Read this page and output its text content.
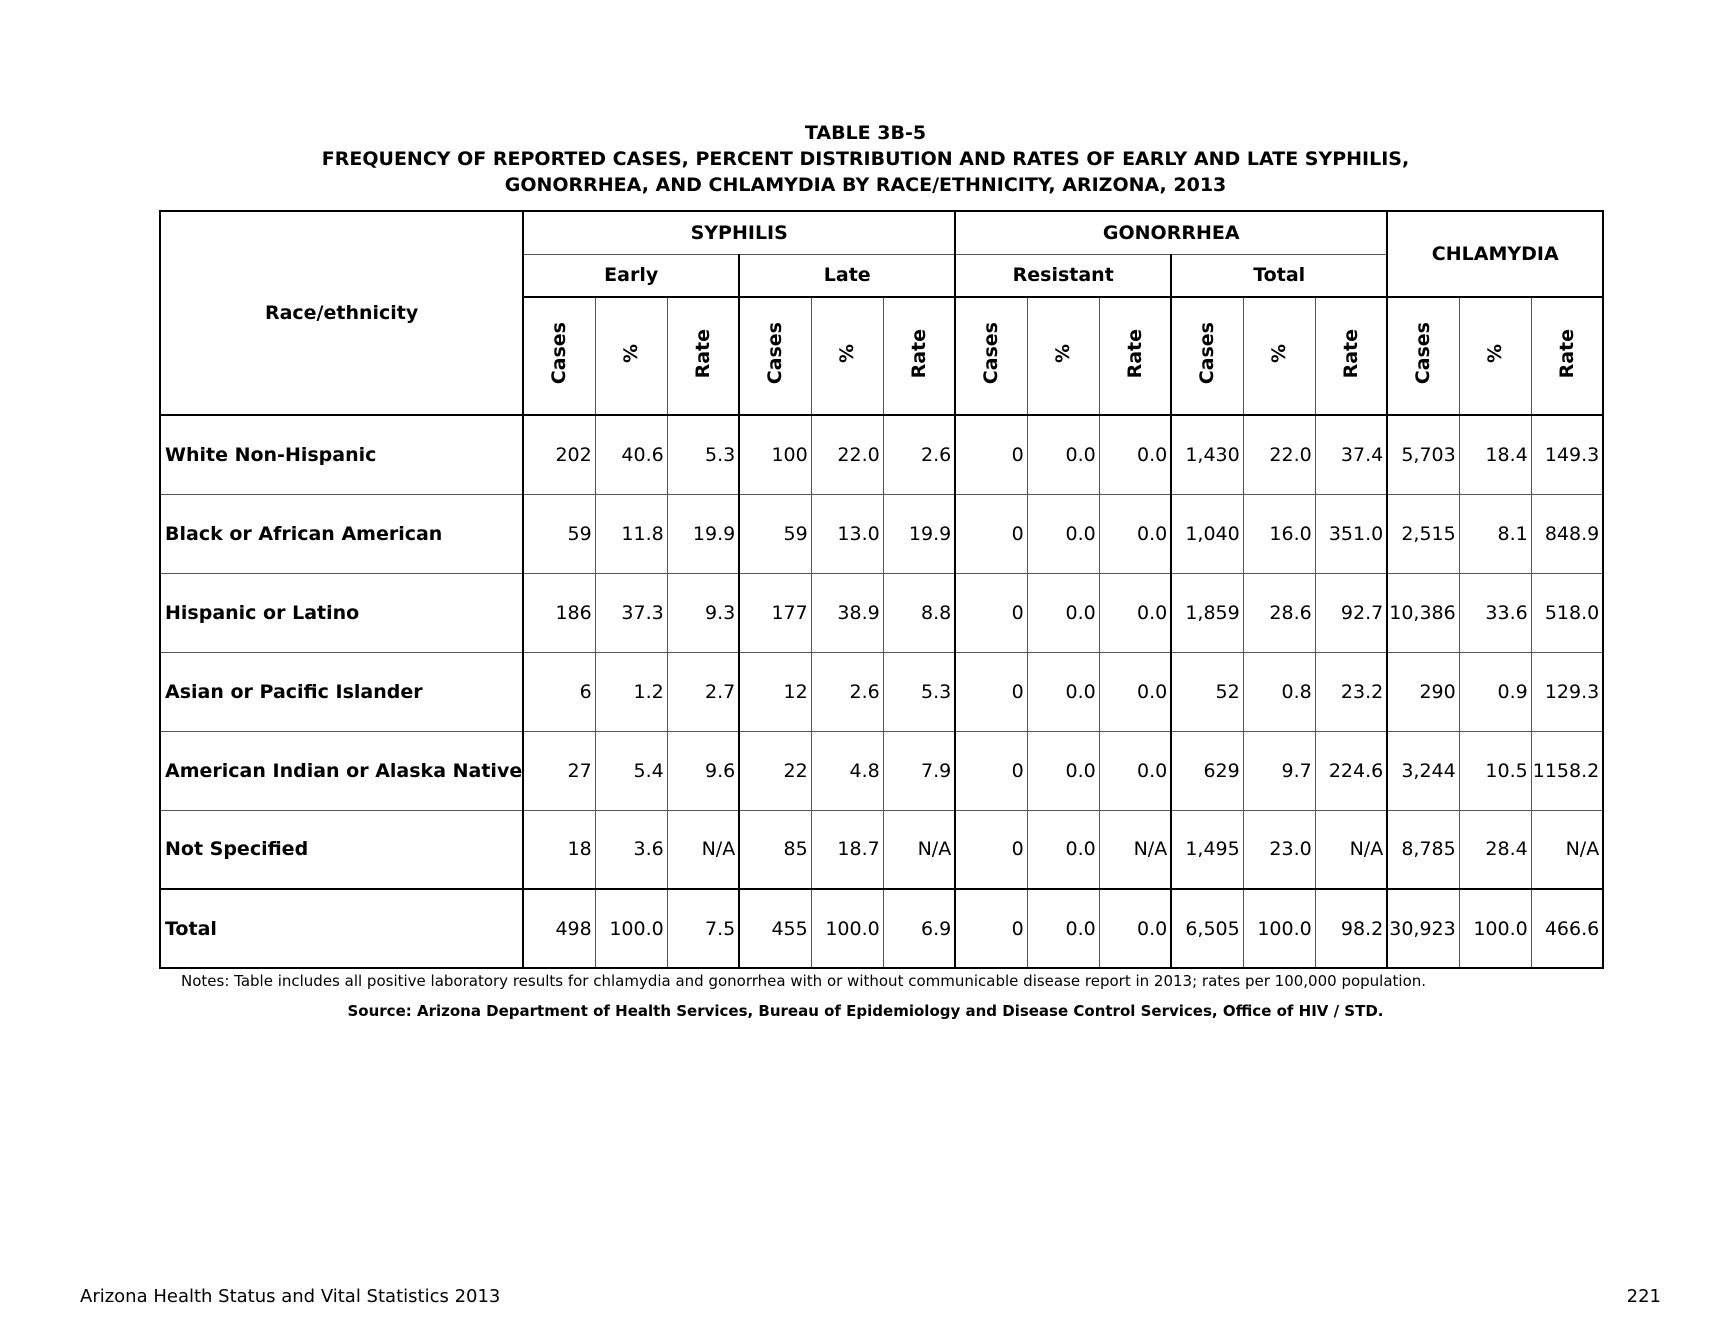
TABLE 3B-5
FREQUENCY OF REPORTED CASES, PERCENT DISTRIBUTION AND RATES OF EARLY AND LATE SYPHILIS,
GONORRHEA, AND CHLAMYDIA BY RACE/ETHNICITY, ARIZONA, 2013
Race/ethnicity	SYPHILIS						GONORRHEA						CHLAMYDIA		
	Early			Late			Resistant			Total					
	Cases	%	Rate	Cases	%	Rate	Cases	%	Rate	Cases	%	Rate	Cases	%	Rate
White Non-Hispanic	202	40.6	5.3	100	22.0	2.6	0	0.0	0.0	1,430	22.0	37.4	5,703	18.4	149.3
Black or African American	59	11.8	19.9	59	13.0	19.9	0	0.0	0.0	1,040	16.0	351.0	2,515	8.1	848.9
Hispanic or Latino	186	37.3	9.3	177	38.9	8.8	0	0.0	0.0	1,859	28.6	92.7	10,386	33.6	518.0
Asian or Pacific Islander	6	1.2	2.7	12	2.6	5.3	0	0.0	0.0	52	0.8	23.2	290	0.9	129.3
American Indian or Alaska Native	27	5.4	9.6	22	4.8	7.9	0	0.0	0.0	629	9.7	224.6	3,244	10.5	1158.2
Not Specified	18	3.6	N/A	85	18.7	N/A	0	0.0	N/A	1,495	23.0	N/A	8,785	28.4	N/A
Total	498	100.0	7.5	455	100.0	6.9	0	0.0	0.0	6,505	100.0	98.2	30,923	100.0	466.6
Notes: Table includes all positive laboratory results for chlamydia and gonorrhea with or without communicable disease report in 2013; rates per 100,000 population.
Source: Arizona Department of Health Services, Bureau of Epidemiology and Disease Control Services, Office of HIV / STD.
Arizona Health Status and Vital Statistics 2013	221
